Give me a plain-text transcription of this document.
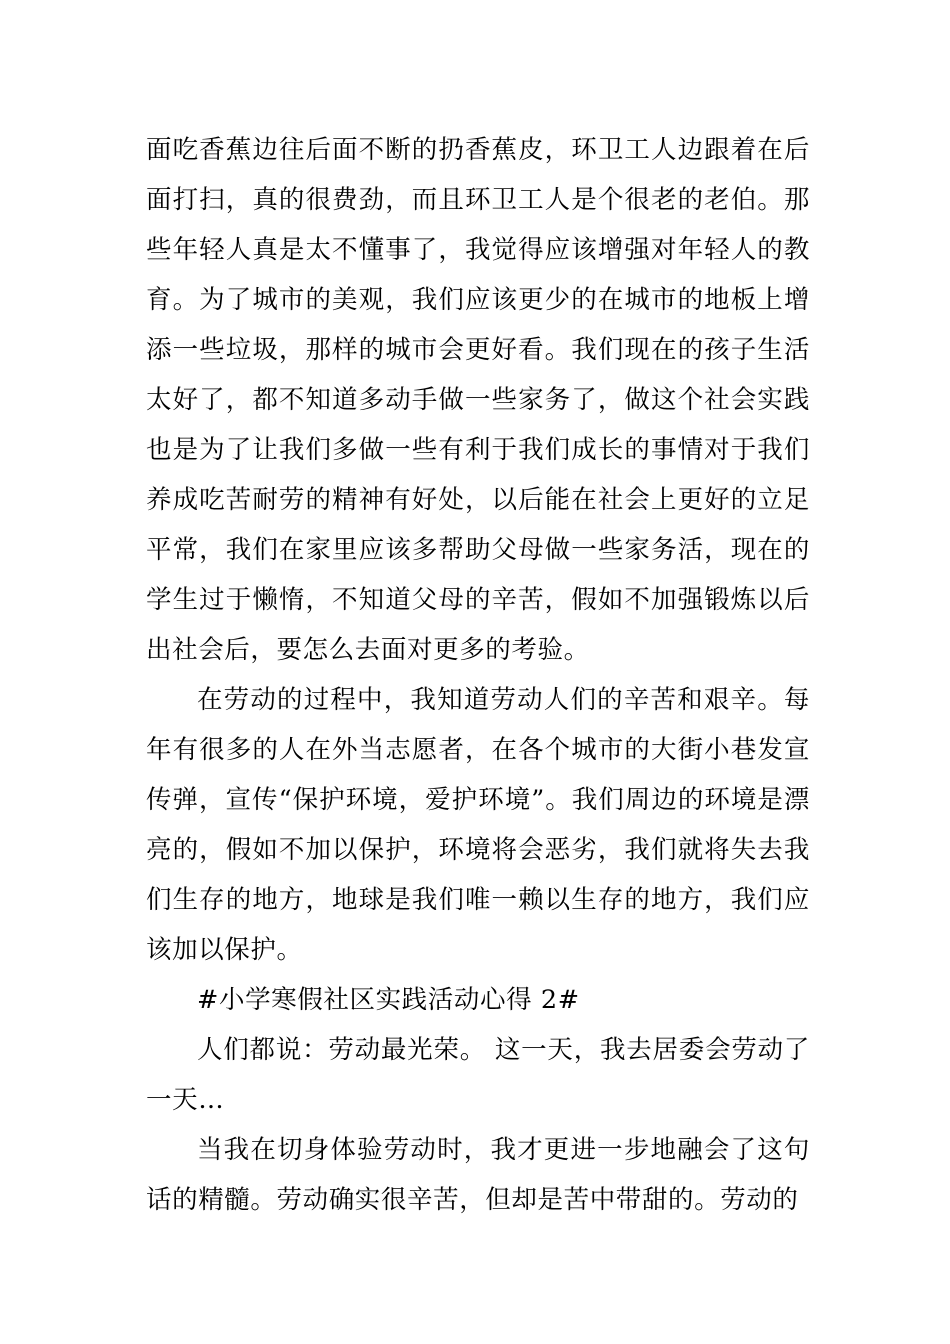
面吃香蕉边往后面不断的扔香蕉皮，环卫工人边跟着在后面打扫，真的很费劲，而且环卫工人是个很老的老伯。那些年轻人真是太不懂事了，我觉得应该增强对年轻人的教育。为了城市的美观，我们应该更少的在城市的地板上增添一些垃圾，那样的城市会更好看。我们现在的孩子生活太好了，都不知道多动手做一些家务了，做这个社会实践也是为了让我们多做一些有利于我们成长的事情对于我们养成吃苦耐劳的精神有好处，以后能在社会上更好的立足平常，我们在家里应该多帮助父母做一些家务活，现在的学生过于懒惰，不知道父母的辛苦，假如不加强锻炼以后出社会后，要怎么去面对更多的考验。

在劳动的过程中，我知道劳动人们的辛苦和艰辛。每年有很多的人在外当志愿者，在各个城市的大街小巷发宣传弹，宣传“保护环境，爱护环境”。我们周边的环境是漂亮的，假如不加以保护，环境将会恶劣，我们就将失去我们生存的地方，地球是我们唯一赖以生存的地方，我们应该加以保护。

#小学寒假社区实践活动心得 2#

人们都说：劳动最光荣。 这一天，我去居委会劳动了一天…

当我在切身体验劳动时，我才更进一步地融会了这句话的精髓。劳动确实很辛苦，但却是苦中带甜的。劳动的
